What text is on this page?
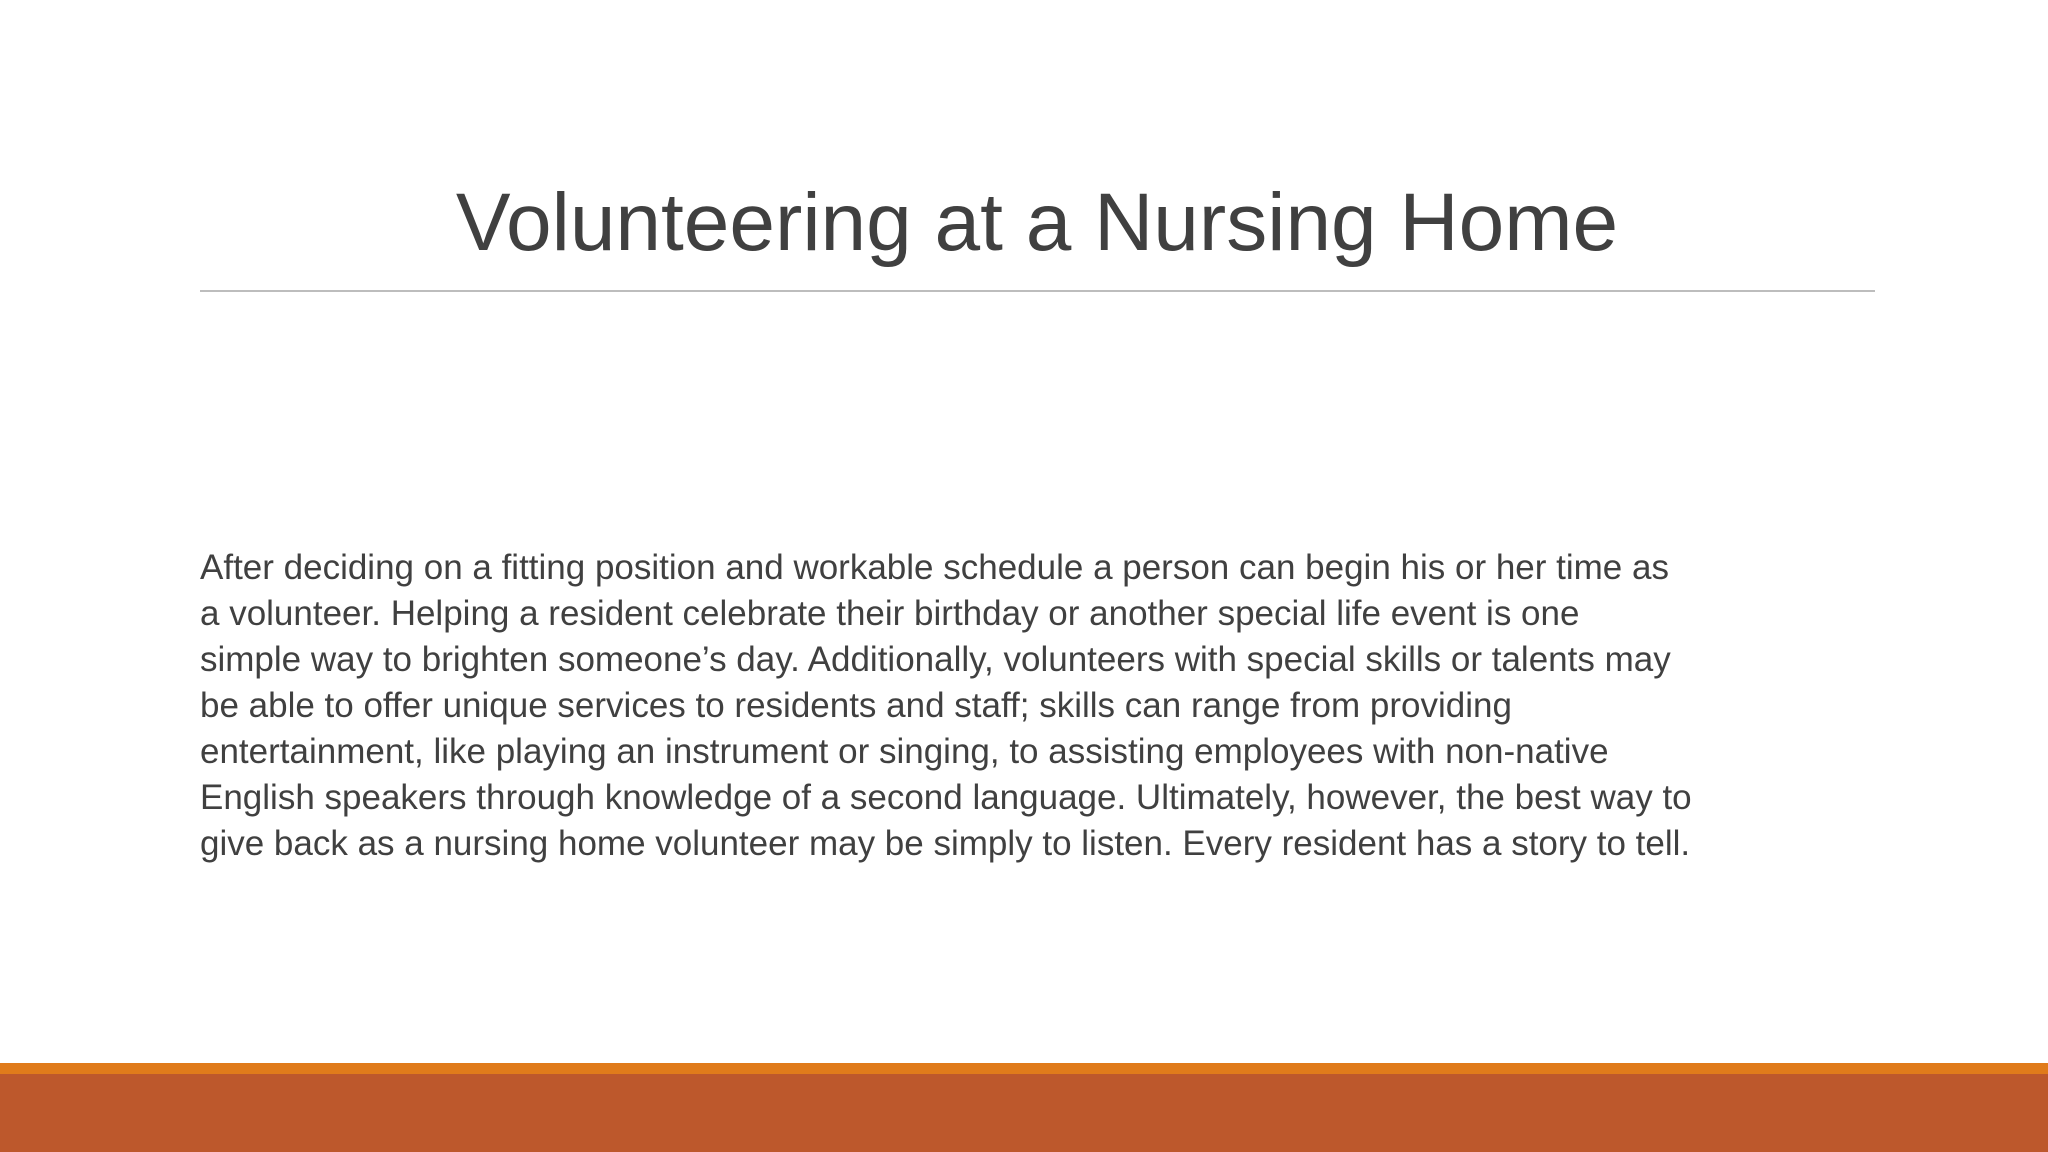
Volunteering at a Nursing Home

After deciding on a fitting position and workable schedule a person can begin his or her time as
a volunteer. Helping a resident celebrate their birthday or another special life event is one
simple way to brighten someone’s day. Additionally, volunteers with special skills or talents may
be able to offer unique services to residents and staff; skills can range from providing
entertainment, like playing an instrument or singing, to assisting employees with non-native
English speakers through knowledge of a second language. Ultimately, however, the best way to
give back as a nursing home volunteer may be simply to listen. Every resident has a story to tell.
